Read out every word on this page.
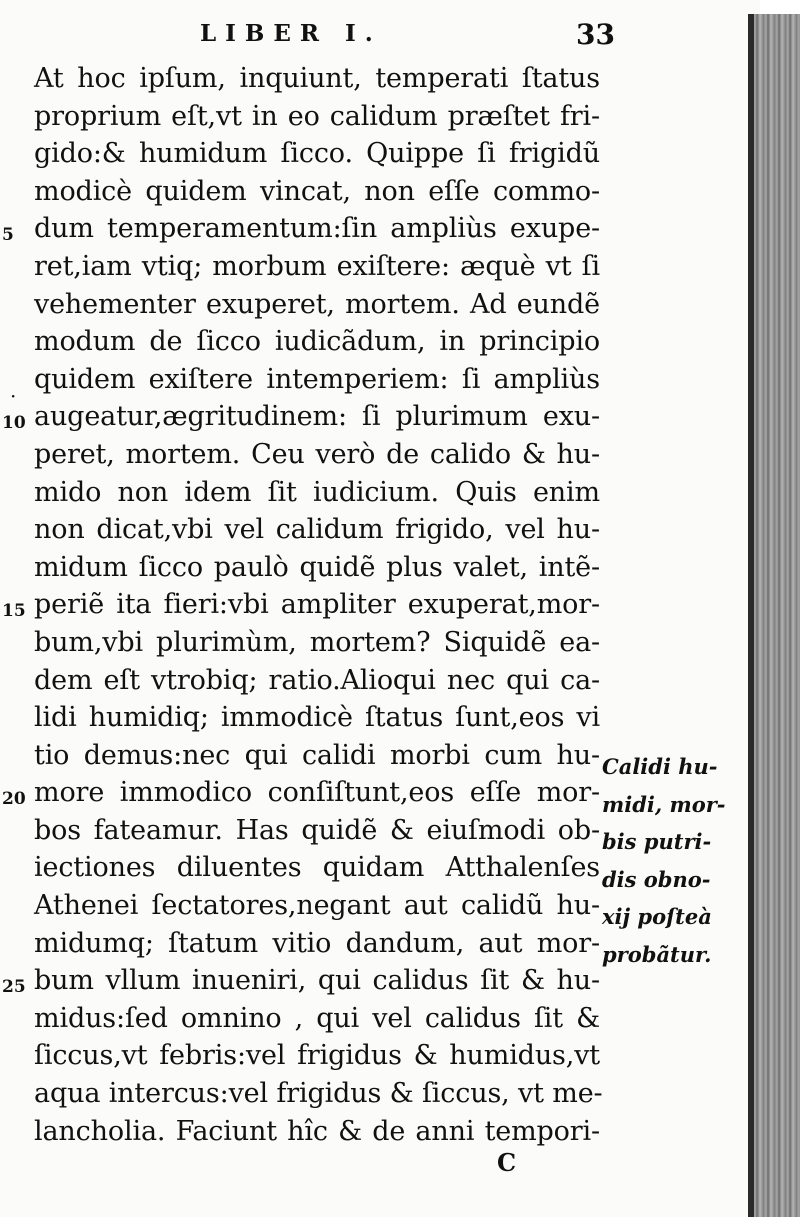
LIBER I.	33
5
10
15
20
25
·
At hoc ipſum, inquiunt, temperati ſtatus
proprium eſt,vt in eo calidum præſtet fri-
gido:& humidum ſicco. Quippe ſi frigidũ
modicè quidem vincat, non eſſe commo-
dum temperamentum:ſin ampliùs exupe-
ret,iam vtiq; morbum exiſtere: æquè vt ſi
vehementer exuperet, mortem. Ad eundẽ
modum de ſicco iudicãdum, in principio
quidem exiſtere intemperiem: ſi ampliùs
augeatur,ægritudinem: ſi plurimum exu-
peret, mortem. Ceu verò de calido & hu-
mido non idem ſit iudicium. Quis enim
non dicat,vbi vel calidum frigido, vel hu-
midum ſicco paulò quidẽ plus valet, intẽ-
periẽ ita fieri:vbi ampliter exuperat,mor-
bum,vbi plurimùm, mortem? Siquidẽ ea-
dem eſt vtrobiq; ratio.Alioqui nec qui ca-
lidi humidiq; immodicè ſtatus ſunt,eos vi
tio demus:nec qui calidi morbi cum hu-
more immodico conſiſtunt,eos eſſe mor-
bos fateamur. Has quidẽ & eiuſmodi ob-
iectiones diluentes quidam Atthalenſes
Athenei ſectatores,negant aut calidũ hu-
midumq; ſtatum vitio dandum, aut mor-
bum vllum inueniri, qui calidus ſit & hu-
midus:ſed omnino , qui vel calidus ſit &
ſiccus,vt febris:vel frigidus & humidus,vt
aqua intercus:vel frigidus & ſiccus, vt me-
lancholia. Faciunt hîc & de anni tempori-
Calidi hu-
midi, mor-
bis putri-
dis obno-
xij poſteà
probãtur.
C
